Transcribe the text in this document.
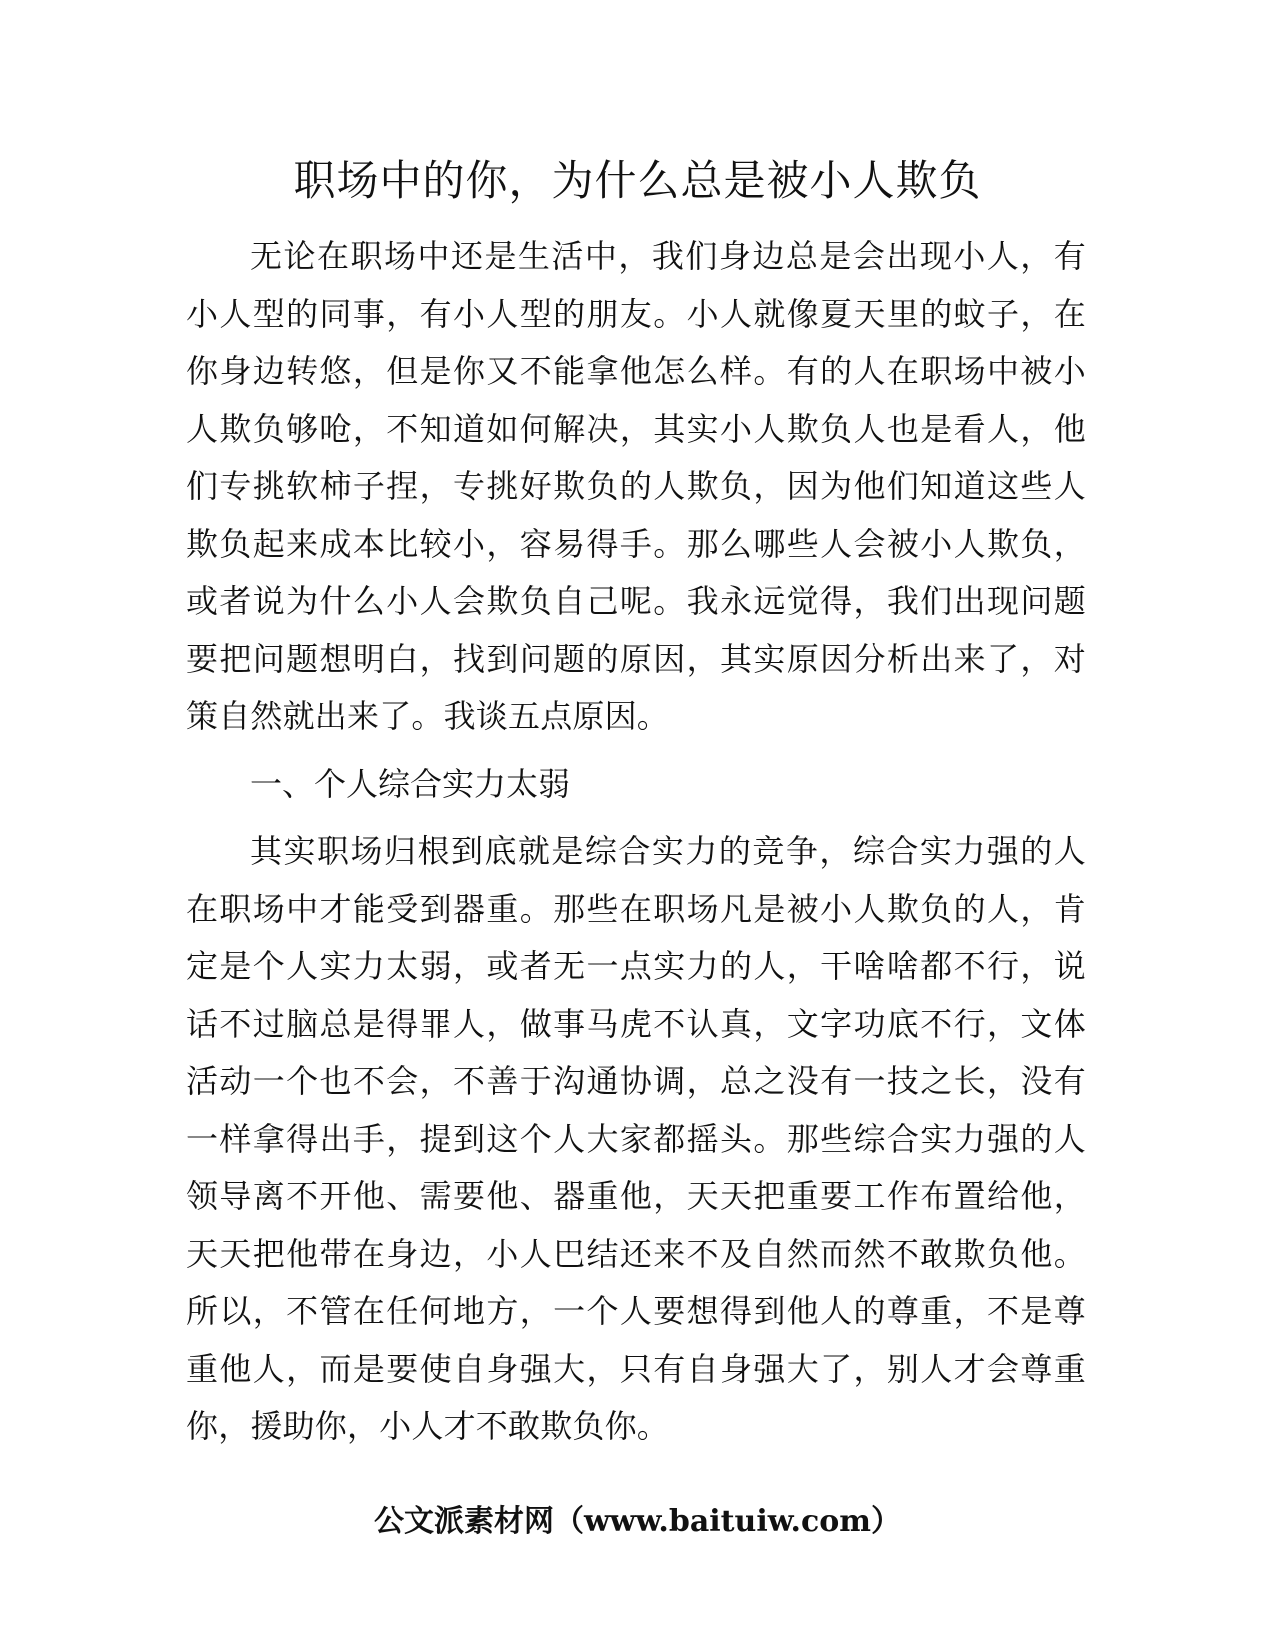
职场中的你，为什么总是被小人欺负

无论在职场中还是生活中，我们身边总是会出现小人，有小人型的同事，有小人型的朋友。小人就像夏天里的蚊子，在你身边转悠，但是你又不能拿他怎么样。有的人在职场中被小人欺负够呛，不知道如何解决，其实小人欺负人也是看人，他们专挑软柿子捏，专挑好欺负的人欺负，因为他们知道这些人欺负起来成本比较小，容易得手。那么哪些人会被小人欺负，或者说为什么小人会欺负自己呢。我永远觉得，我们出现问题要把问题想明白，找到问题的原因，其实原因分析出来了，对策自然就出来了。我谈五点原因。

一、个人综合实力太弱

其实职场归根到底就是综合实力的竞争，综合实力强的人在职场中才能受到器重。那些在职场凡是被小人欺负的人，肯定是个人实力太弱，或者无一点实力的人，干啥啥都不行，说话不过脑总是得罪人，做事马虎不认真，文字功底不行，文体活动一个也不会，不善于沟通协调，总之没有一技之长，没有一样拿得出手，提到这个人大家都摇头。那些综合实力强的人领导离不开他、需要他、器重他，天天把重要工作布置给他，天天把他带在身边，小人巴结还来不及自然而然不敢欺负他。所以，不管在任何地方，一个人要想得到他人的尊重，不是尊重他人，而是要使自身强大，只有自身强大了，别人才会尊重你，援助你，小人才不敢欺负你。

公文派素材网（www.baituiw.com）
